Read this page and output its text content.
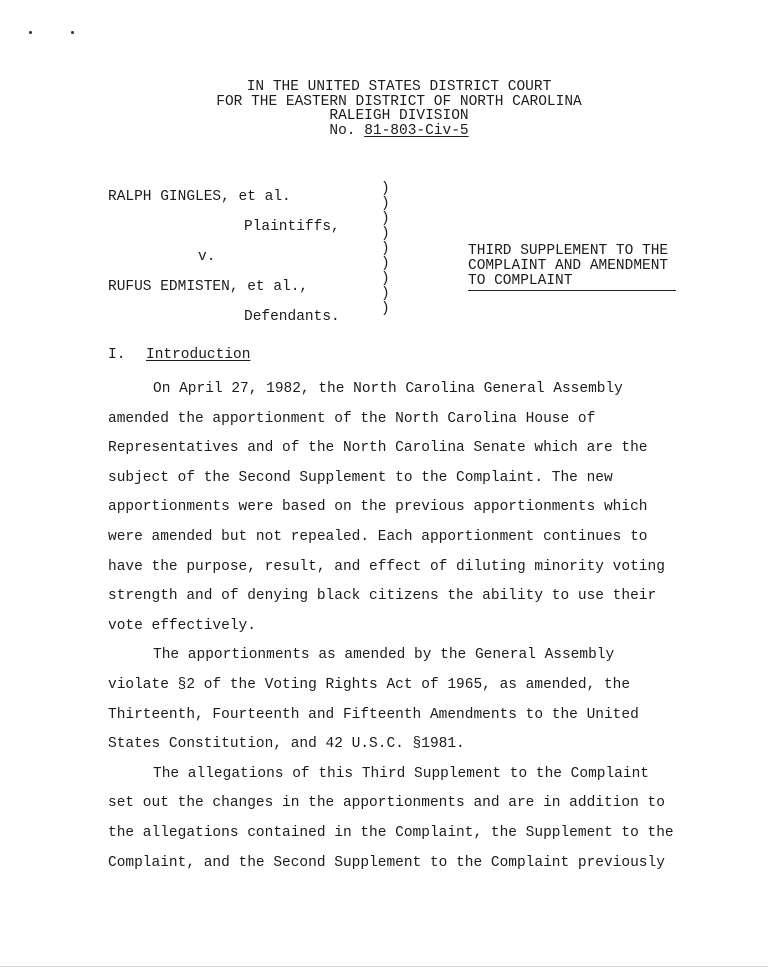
IN THE UNITED STATES DISTRICT COURT
FOR THE EASTERN DISTRICT OF NORTH CAROLINA
RALEIGH DIVISION
No. 81-803-Civ-5
RALPH GINGLES, et al.
Plaintiffs,
v.
RUFUS EDMISTEN, et al.,
Defendants.
)
)
)
)
)
)
)
)
)
THIRD SUPPLEMENT TO THE
COMPLAINT AND AMENDMENT
TO COMPLAINT
I. Introduction
On April 27, 1982, the North Carolina General Assembly
amended the apportionment of the North Carolina House of
Representatives and of the North Carolina Senate which are the
subject of the Second Supplement to the Complaint. The new
apportionments were based on the previous apportionments which
were amended but not repealed. Each apportionment continues to
have the purpose, result, and effect of diluting minority voting
strength and of denying black citizens the ability to use their
vote effectively.
The apportionments as amended by the General Assembly
violate §2 of the Voting Rights Act of 1965, as amended, the
Thirteenth, Fourteenth and Fifteenth Amendments to the United
States Constitution, and 42 U.S.C. §1981.
The allegations of this Third Supplement to the Complaint
set out the changes in the apportionments and are in addition to
the allegations contained in the Complaint, the Supplement to the
Complaint, and the Second Supplement to the Complaint previously
